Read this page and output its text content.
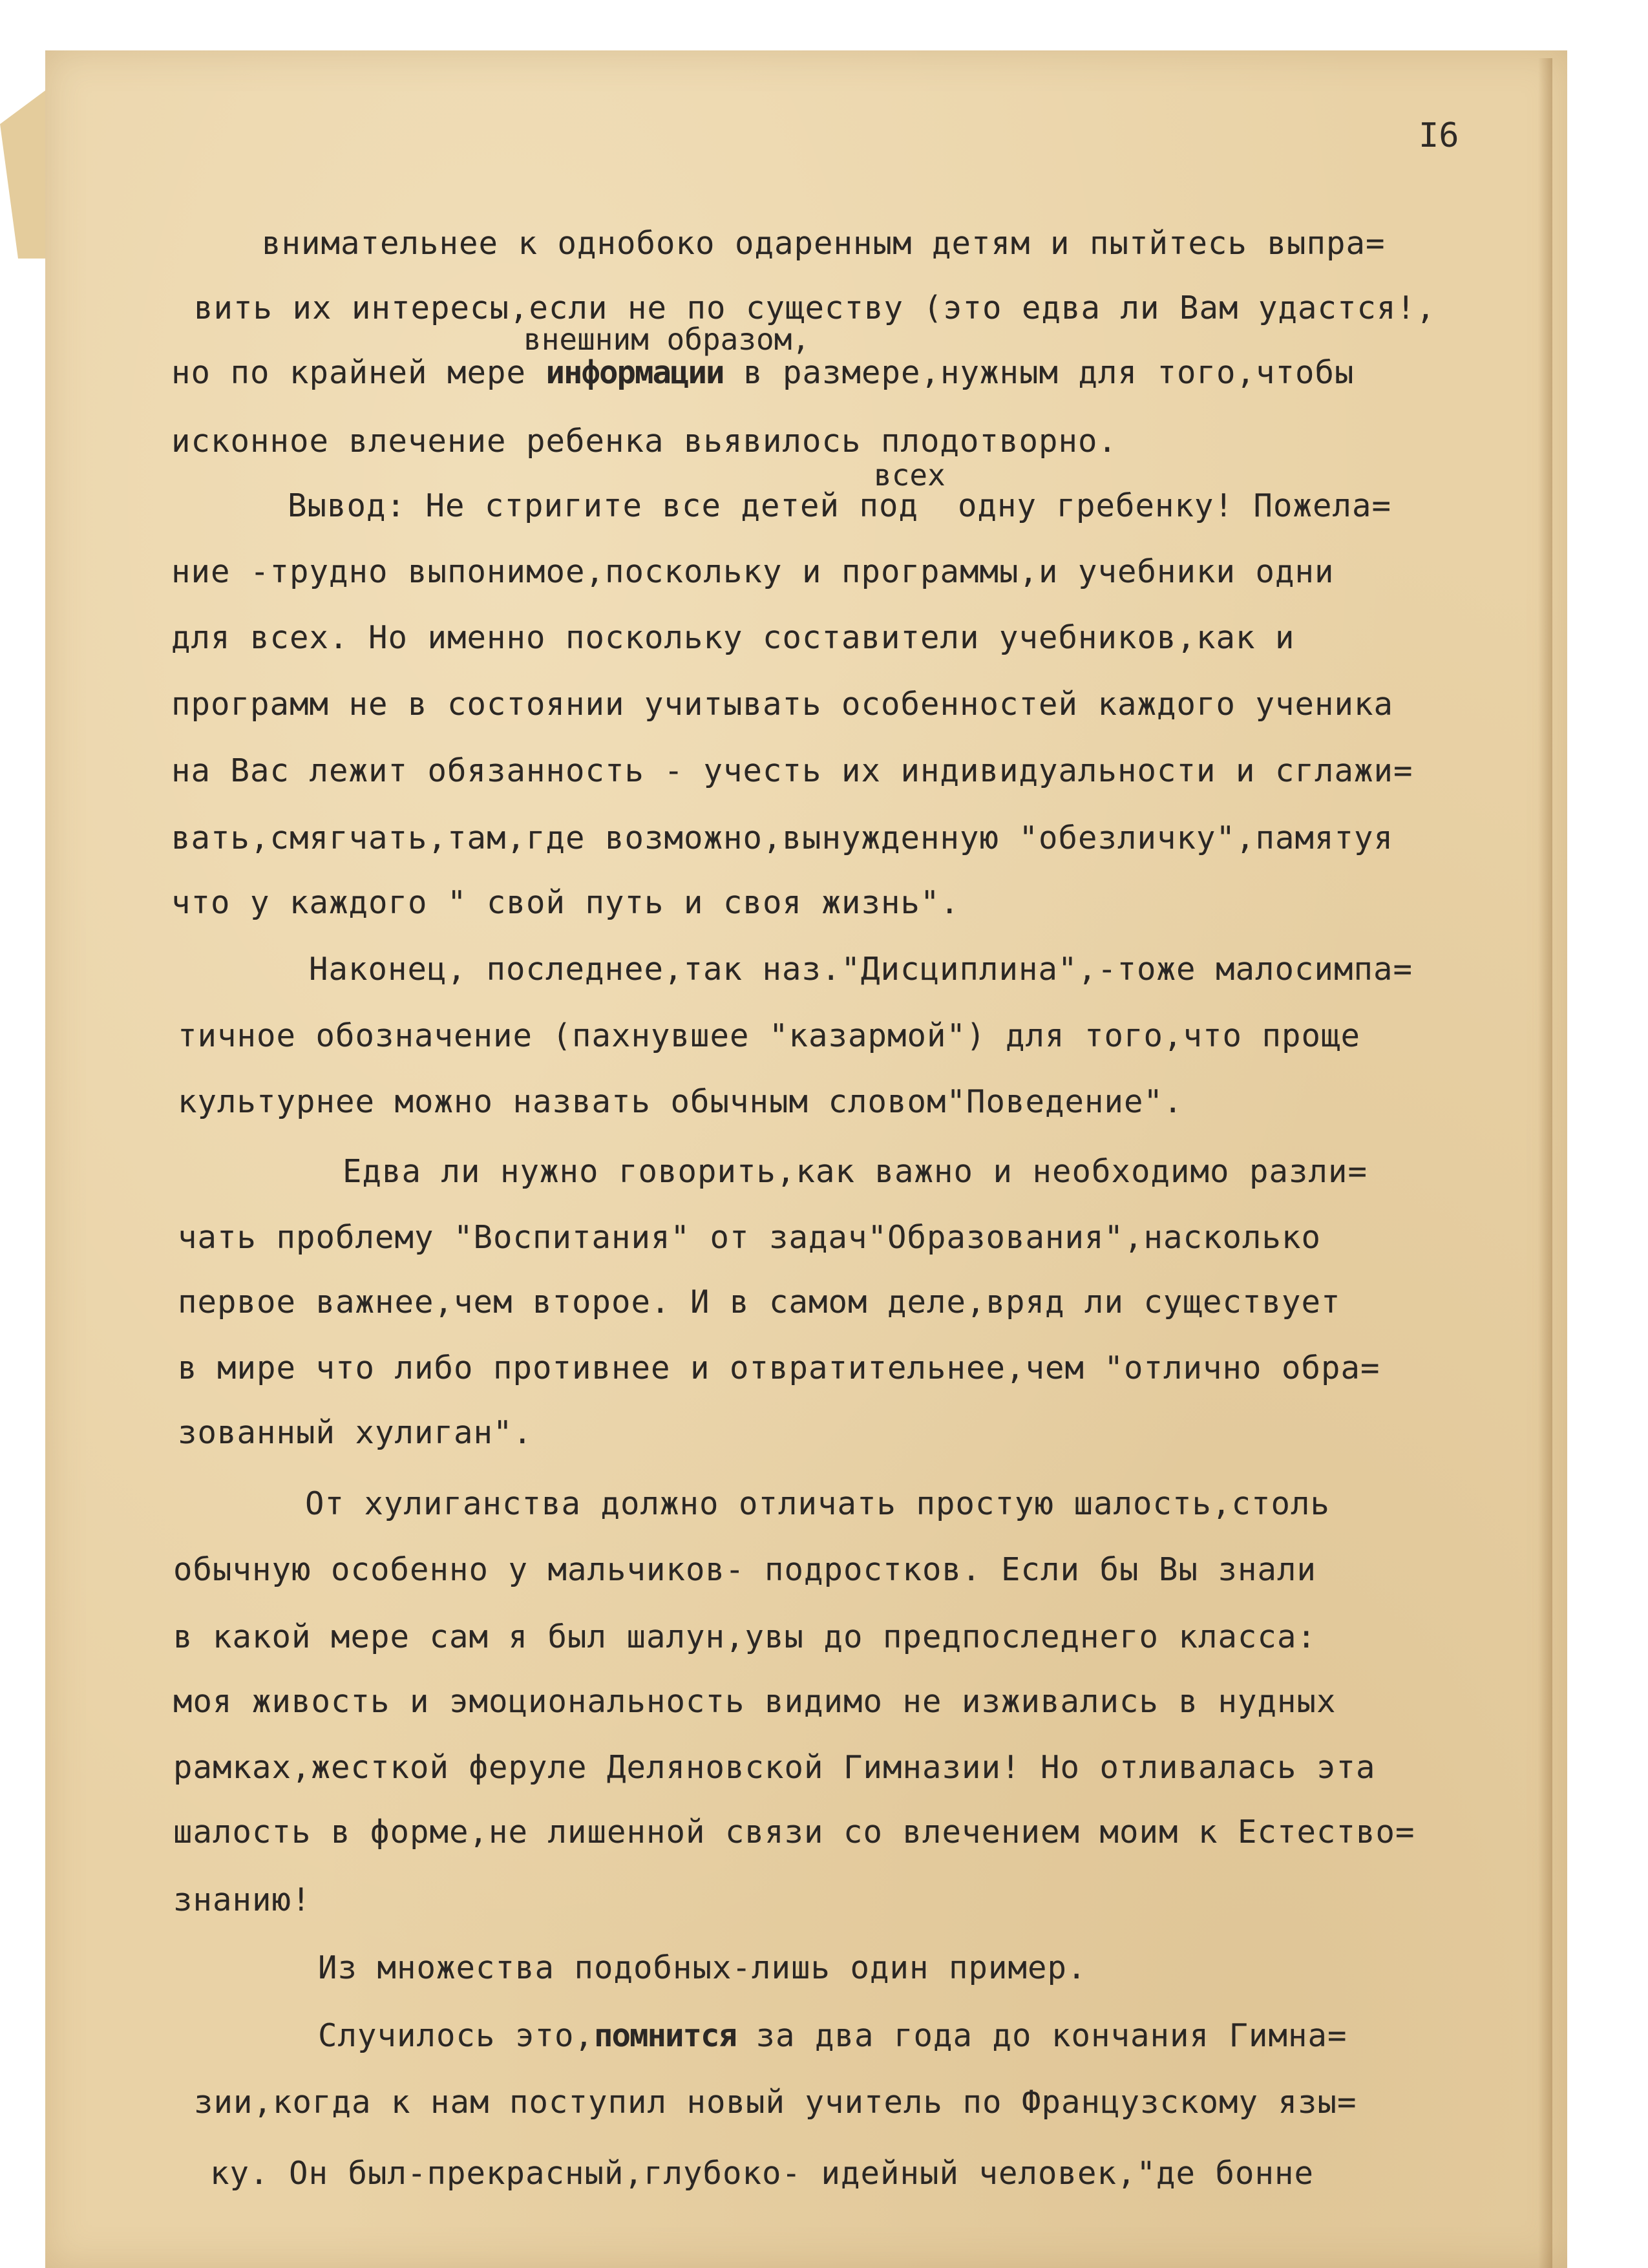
I6
внимательнее к однобоко одаренным детям и пытйтесь выпра=
вить их интересы,если не по существу (это едва ли Вам удастся!,
внешним образом,
но по крайней мере информации в размере,нужным для того,чтобы
исконное влечение ребенка вьявилось плодотворно.
всех
Вывод: Не стригите все детей под  одну гребенку! Пожела=
ние -трудно выпонимое,поскольку и программы,и учебники одни
для всех. Но именно поскольку составители учебников,как и
программ не в состоянии учитывать особенностей каждого ученика
на Вас лежит обязанность - учесть их индивидуальности и сглажи=
вать,смягчать,там,где возможно,вынужденную "обезличку",памятуя
что у каждого " свой путь и своя жизнь".
Наконец, последнее,так наз."Дисциплина",-тоже малосимпа=
тичное обозначение (пахнувшее "казармой") для того,что проще
культурнее можно назвать обычным словом"Поведение".
Едва ли нужно говорить,как важно и необходимо разли=
чать проблему "Воспитания" от задач"Образования",насколько
первое важнее,чем второе. И в самом деле,вряд ли существует
в мире что либо противнее и отвратительнее,чем "отлично обра=
зованный хулиган".
От хулиганства должно отличать простую шалость,столь
обычную особенно у мальчиков- подростков. Если бы Вы знали
в какой мере сам я был шалун,увы до предпоследнего класса:
моя живость и эмоциональность видимо не изживались в нудных
рамках,жесткой феруле Деляновской Гимназии! Но отливалась эта
шалость в форме,не лишенной связи со влечением моим к Естество=
знанию!
Из множества подобных-лишь один пример.
Случилось это,помнится за два года до кончания Гимна=
зии,когда к нам поступил новый учитель по Французскому язы=
ку. Он был-прекрасный,глубоко- идейный человек,"де бонне
